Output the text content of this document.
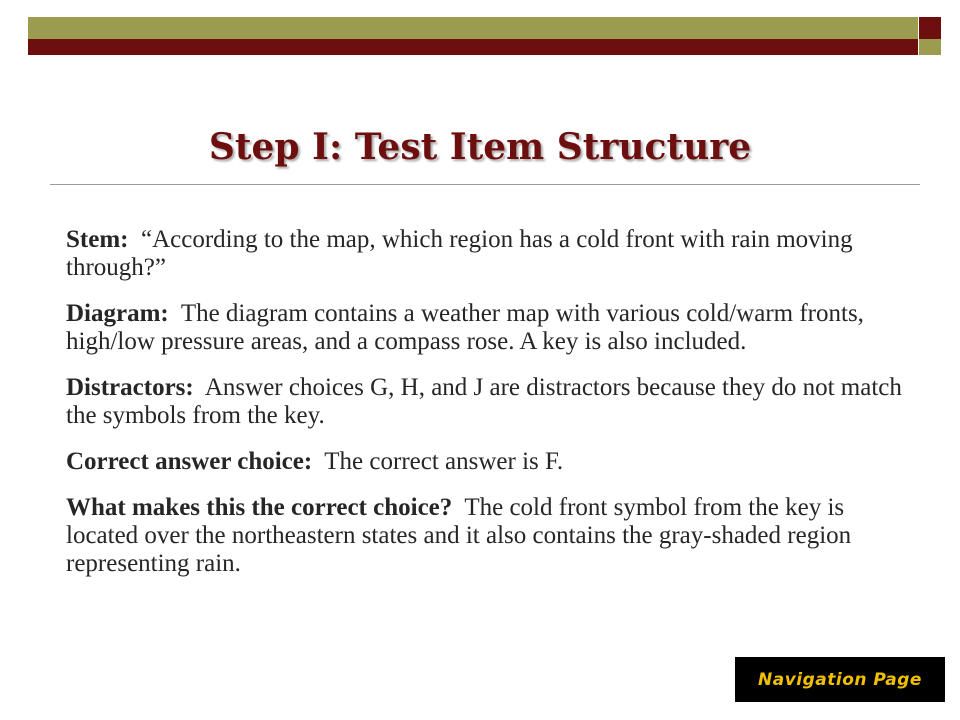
Step I: Test Item Structure

Stem: “According to the map, which region has a cold front with rain moving through?”

Diagram: The diagram contains a weather map with various cold/warm fronts, high/low pressure areas, and a compass rose. A key is also included.

Distractors: Answer choices G, H, and J are distractors because they do not match the symbols from the key.

Correct answer choice: The correct answer is F.

What makes this the correct choice? The cold front symbol from the key is located over the northeastern states and it also contains the gray-shaded region representing rain.

Navigation Page
